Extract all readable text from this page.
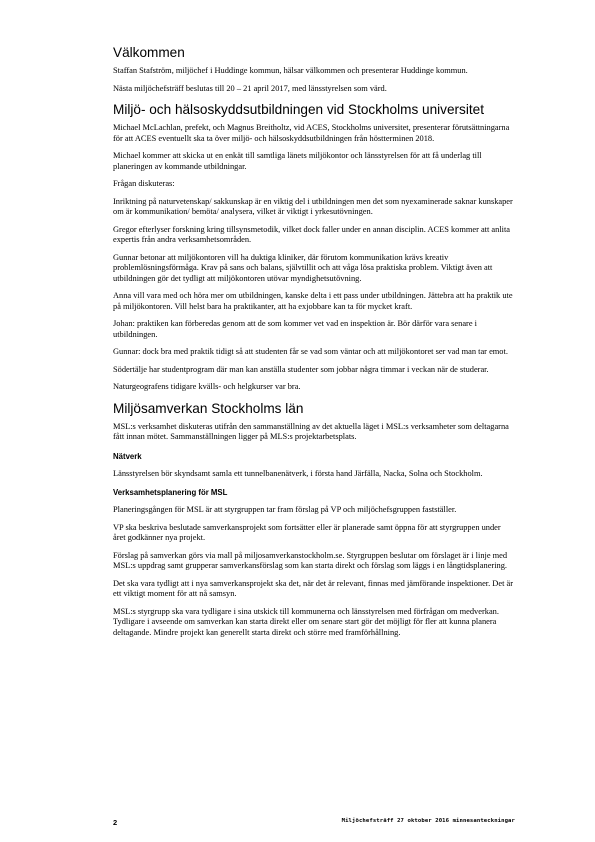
Välkommen

Staffan Stafström, miljöchef i Huddinge kommun, hälsar välkommen och presenterar Huddinge kommun.

Nästa miljöchefsträff beslutas till 20 – 21 april 2017, med länsstyrelsen som värd.

Miljö- och hälsoskyddsutbildningen vid Stockholms universitet

Michael McLachlan, prefekt, och Magnus Breitholtz, vid ACES, Stockholms universitet, presenterar förutsättningarna för att ACES eventuellt ska ta över miljö- och hälsoskyddsutbildningen från höstterminen 2018.

Michael kommer att skicka ut en enkät till samtliga länets miljökontor och länsstyrelsen för att få underlag till planeringen av kommande utbildningar.

Frågan diskuteras:

Inriktning på naturvetenskap/ sakkunskap är en viktig del i utbildningen men det som nyexaminerade saknar kunskaper om är kommunikation/ bemöta/ analysera, vilket är viktigt i yrkesutövningen.

Gregor efterlyser forskning kring tillsynsmetodik, vilket dock faller under en annan disciplin. ACES kommer att anlita expertis från andra verksamhetsområden.

Gunnar betonar att miljökontoren vill ha duktiga kliniker, där förutom kommunikation krävs kreativ problemlösningsförmåga. Krav på sans och balans, självtillit och att våga lösa praktiska problem. Viktigt även att utbildningen gör det tydligt att miljökontoren utövar myndighetsutövning.

Anna vill vara med och höra mer om utbildningen, kanske delta i ett pass under utbildningen. Jättebra att ha praktik ute på miljökontoren. Vill helst bara ha praktikanter, att ha exjobbare kan ta för mycket kraft.

Johan: praktiken kan förberedas genom att de som kommer vet vad en inspektion är. Bör därför vara senare i utbildningen.

Gunnar: dock bra med praktik tidigt så att studenten får se vad som väntar och att miljökontoret ser vad man tar emot.

Södertälje har studentprogram där man kan anställa studenter som jobbar några timmar i veckan när de studerar.

Naturgeografens tidigare kvälls- och helgkurser var bra.

Miljösamverkan Stockholms län

MSL:s verksamhet diskuteras utifrån den sammanställning av det aktuella läget i MSL:s verksamheter som deltagarna fått innan mötet. Sammanställningen ligger på MLS:s projektarbetsplats.

Nätverk

Länsstyrelsen bör skyndsamt samla ett tunnelbanenätverk, i första hand Järfälla, Nacka, Solna och Stockholm.

Verksamhetsplanering för MSL

Planeringsgången för MSL är att styrgruppen tar fram förslag på VP och miljöchefsgruppen fastställer.

VP ska beskriva beslutade samverkansprojekt som fortsätter eller är planerade samt öppna för att styrgruppen under året godkänner nya projekt.

Förslag på samverkan görs via mall på miljosamverkanstockholm.se. Styrgruppen beslutar om förslaget är i linje med MSL:s uppdrag samt grupperar samverkansförslag som kan starta direkt och förslag som läggs i en långtidsplanering.

Det ska vara tydligt att i nya samverkansprojekt ska det, när det är relevant, finnas med jämförande inspektioner. Det är ett viktigt moment för att nå samsyn.

MSL:s styrgrupp ska vara tydligare i sina utskick till kommunerna och länsstyrelsen med förfrågan om medverkan. Tydligare i avseende om samverkan kan starta direkt eller om senare start gör det möjligt för fler att kunna planera deltagande. Mindre projekt kan generellt starta direkt och större med framförhållning.

2	Miljöchefsträff 27 oktober 2016 minnesanteckningar
